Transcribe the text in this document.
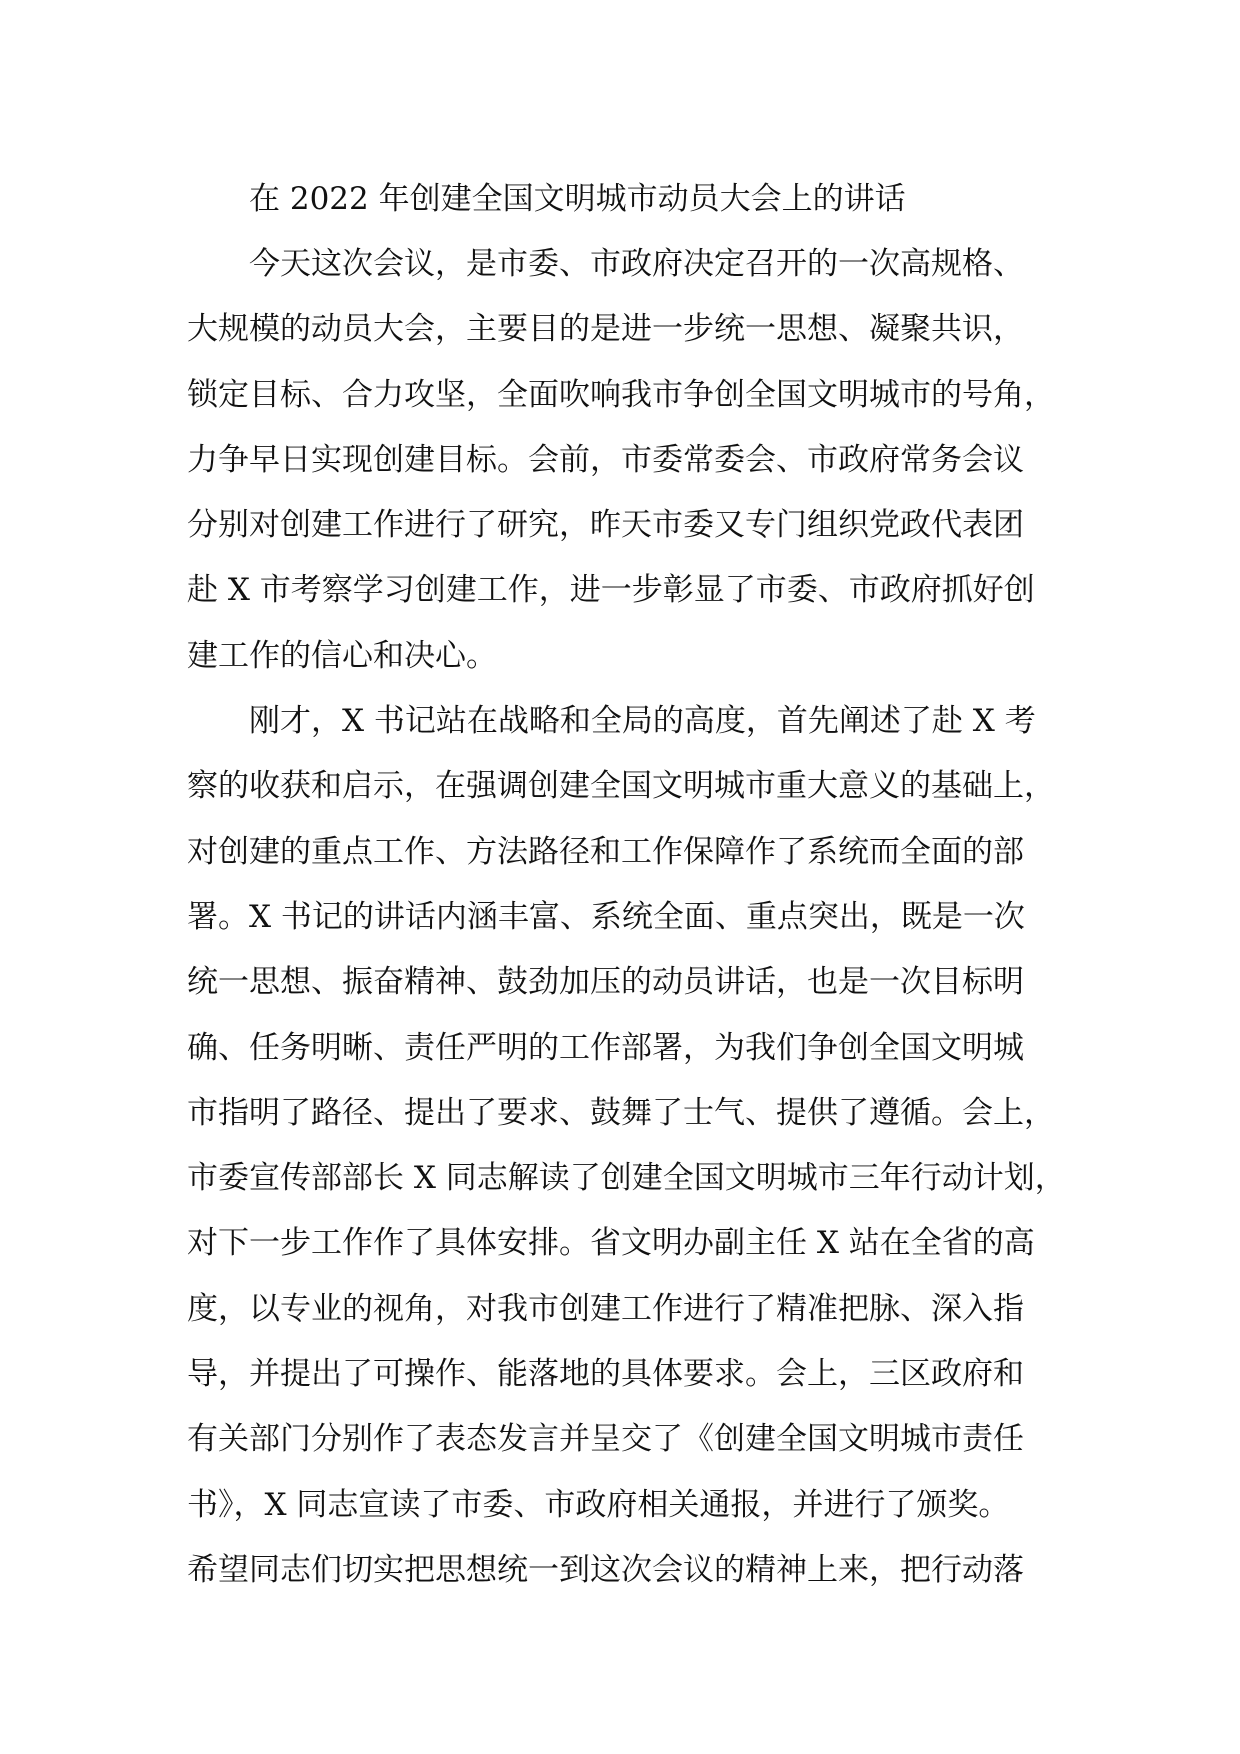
在 2022 年创建全国文明城市动员大会上的讲话

今天这次会议，是市委、市政府决定召开的一次高规格、
大规模的动员大会，主要目的是进一步统一思想、凝聚共识，
锁定目标、合力攻坚，全面吹响我市争创全国文明城市的号角，
力争早日实现创建目标。会前，市委常委会、市政府常务会议
分别对创建工作进行了研究，昨天市委又专门组织党政代表团
赴 X 市考察学习创建工作，进一步彰显了市委、市政府抓好创
建工作的信心和决心。

刚才，X 书记站在战略和全局的高度，首先阐述了赴 X 考
察的收获和启示，在强调创建全国文明城市重大意义的基础上，
对创建的重点工作、方法路径和工作保障作了系统而全面的部
署。X 书记的讲话内涵丰富、系统全面、重点突出，既是一次
统一思想、振奋精神、鼓劲加压的动员讲话，也是一次目标明
确、任务明晰、责任严明的工作部署，为我们争创全国文明城
市指明了路径、提出了要求、鼓舞了士气、提供了遵循。会上，
市委宣传部部长 X 同志解读了创建全国文明城市三年行动计划，
对下一步工作作了具体安排。省文明办副主任 X 站在全省的高
度，以专业的视角，对我市创建工作进行了精准把脉、深入指
导，并提出了可操作、能落地的具体要求。会上，三区政府和
有关部门分别作了表态发言并呈交了《创建全国文明城市责任
书》，X 同志宣读了市委、市政府相关通报，并进行了颁奖。
希望同志们切实把思想统一到这次会议的精神上来，把行动落
